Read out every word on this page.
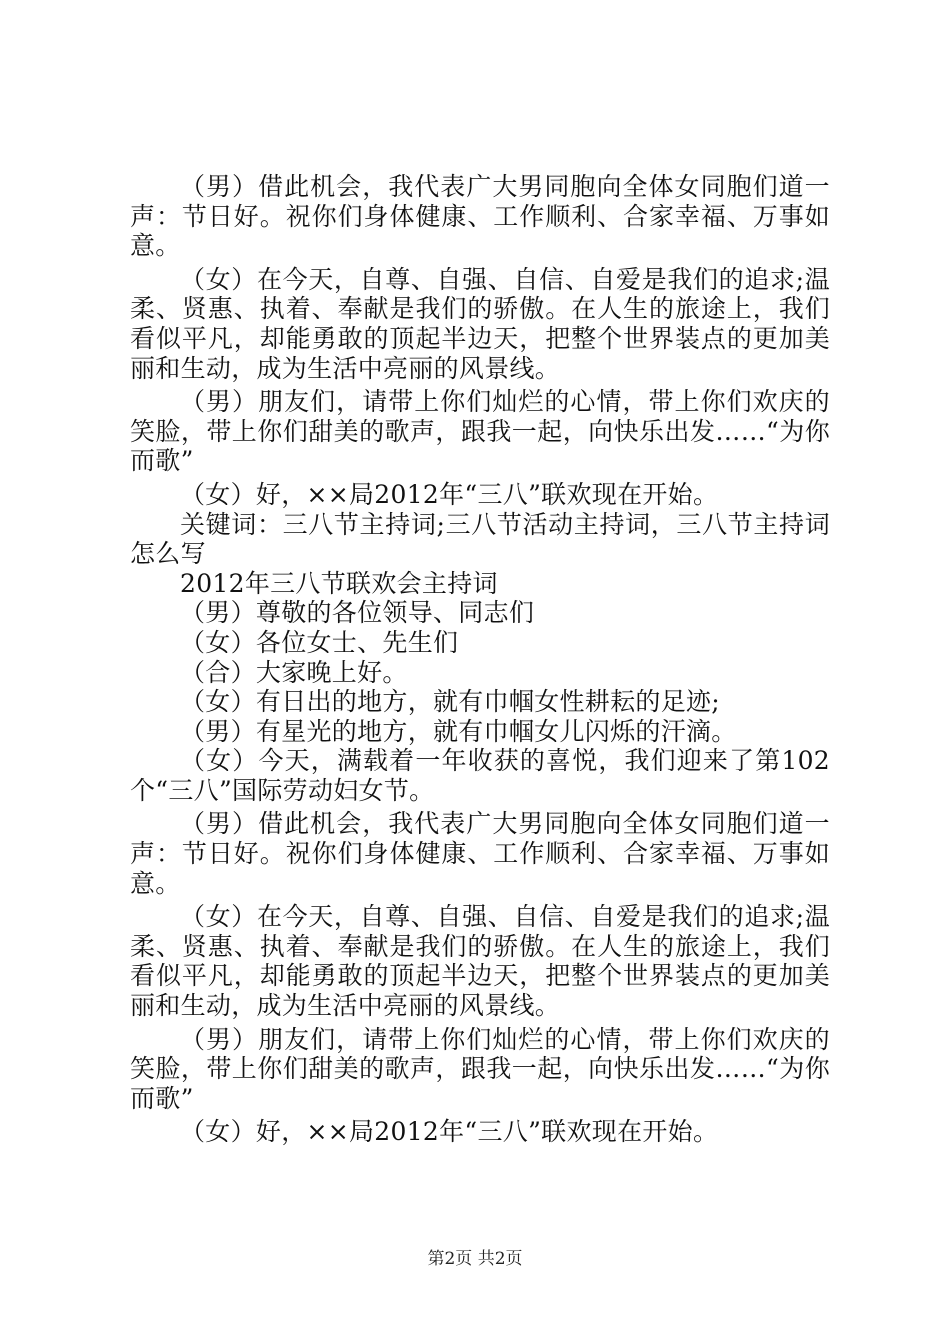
（男）借此机会，我代表广大男同胞向全体女同胞们道一声：节日好。祝你们身体健康、工作顺利、合家幸福、万事如意。

（女）在今天，自尊、自强、自信、自爱是我们的追求;温柔、贤惠、执着、奉献是我们的骄傲。在人生的旅途上，我们看似平凡，却能勇敢的顶起半边天，把整个世界装点的更加美丽和生动，成为生活中亮丽的风景线。

（男）朋友们，请带上你们灿烂的心情，带上你们欢庆的笑脸，带上你们甜美的歌声，跟我一起，向快乐出发……“为你而歌”

（女）好，××局2012年“三八”联欢现在开始。

关键词：三八节主持词;三八节活动主持词，三八节主持词怎么写

2012年三八节联欢会主持词

（男）尊敬的各位领导、同志们

（女）各位女士、先生们

（合）大家晚上好。

（女）有日出的地方，就有巾帼女性耕耘的足迹;

（男）有星光的地方，就有巾帼女儿闪烁的汗滴。

（女）今天，满载着一年收获的喜悦，我们迎来了第102个“三八”国际劳动妇女节。

（男）借此机会，我代表广大男同胞向全体女同胞们道一声：节日好。祝你们身体健康、工作顺利、合家幸福、万事如意。

（女）在今天，自尊、自强、自信、自爱是我们的追求;温柔、贤惠、执着、奉献是我们的骄傲。在人生的旅途上，我们看似平凡，却能勇敢的顶起半边天，把整个世界装点的更加美丽和生动，成为生活中亮丽的风景线。

（男）朋友们，请带上你们灿烂的心情，带上你们欢庆的笑脸，带上你们甜美的歌声，跟我一起，向快乐出发……“为你而歌”

（女）好，××局2012年“三八”联欢现在开始。

第2页 共2页
